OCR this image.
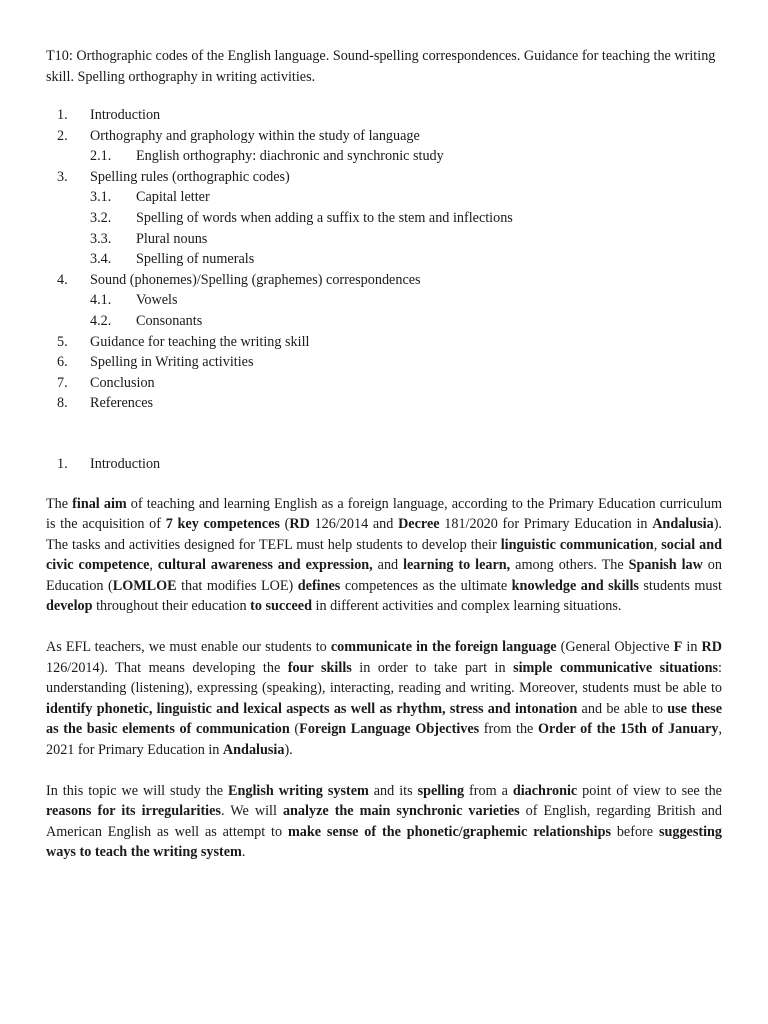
T10: Orthographic codes of the English language. Sound-spelling correspondences. Guidance for teaching the writing skill. Spelling orthography in writing activities.

1. Introduction
2. Orthography and graphology within the study of language
2.1. English orthography: diachronic and synchronic study
3. Spelling rules (orthographic codes)
3.1. Capital letter
3.2. Spelling of words when adding a suffix to the stem and inflections
3.3. Plural nouns
3.4. Spelling of numerals
4. Sound (phonemes)/Spelling (graphemes) correspondences
4.1. Vowels
4.2. Consonants
5. Guidance for teaching the writing skill
6. Spelling in Writing activities
7. Conclusion
8. References
1. Introduction

The final aim of teaching and learning English as a foreign language, according to the Primary Education curriculum is the acquisition of 7 key competences (RD 126/2014 and Decree 181/2020 for Primary Education in Andalusia). The tasks and activities designed for TEFL must help students to develop their linguistic communication, social and civic competence, cultural awareness and expression, and learning to learn, among others. The Spanish law on Education (LOMLOE that modifies LOE) defines competences as the ultimate knowledge and skills students must develop throughout their education to succeed in different activities and complex learning situations.

As EFL teachers, we must enable our students to communicate in the foreign language (General Objective F in RD 126/2014). That means developing the four skills in order to take part in simple communicative situations: understanding (listening), expressing (speaking), interacting, reading and writing. Moreover, students must be able to identify phonetic, linguistic and lexical aspects as well as rhythm, stress and intonation and be able to use these as the basic elements of communication (Foreign Language Objectives from the Order of the 15th of January, 2021 for Primary Education in Andalusia).

In this topic we will study the English writing system and its spelling from a diachronic point of view to see the reasons for its irregularities. We will analyze the main synchronic varieties of English, regarding British and American English as well as attempt to make sense of the phonetic/graphemic relationships before suggesting ways to teach the writing system.
